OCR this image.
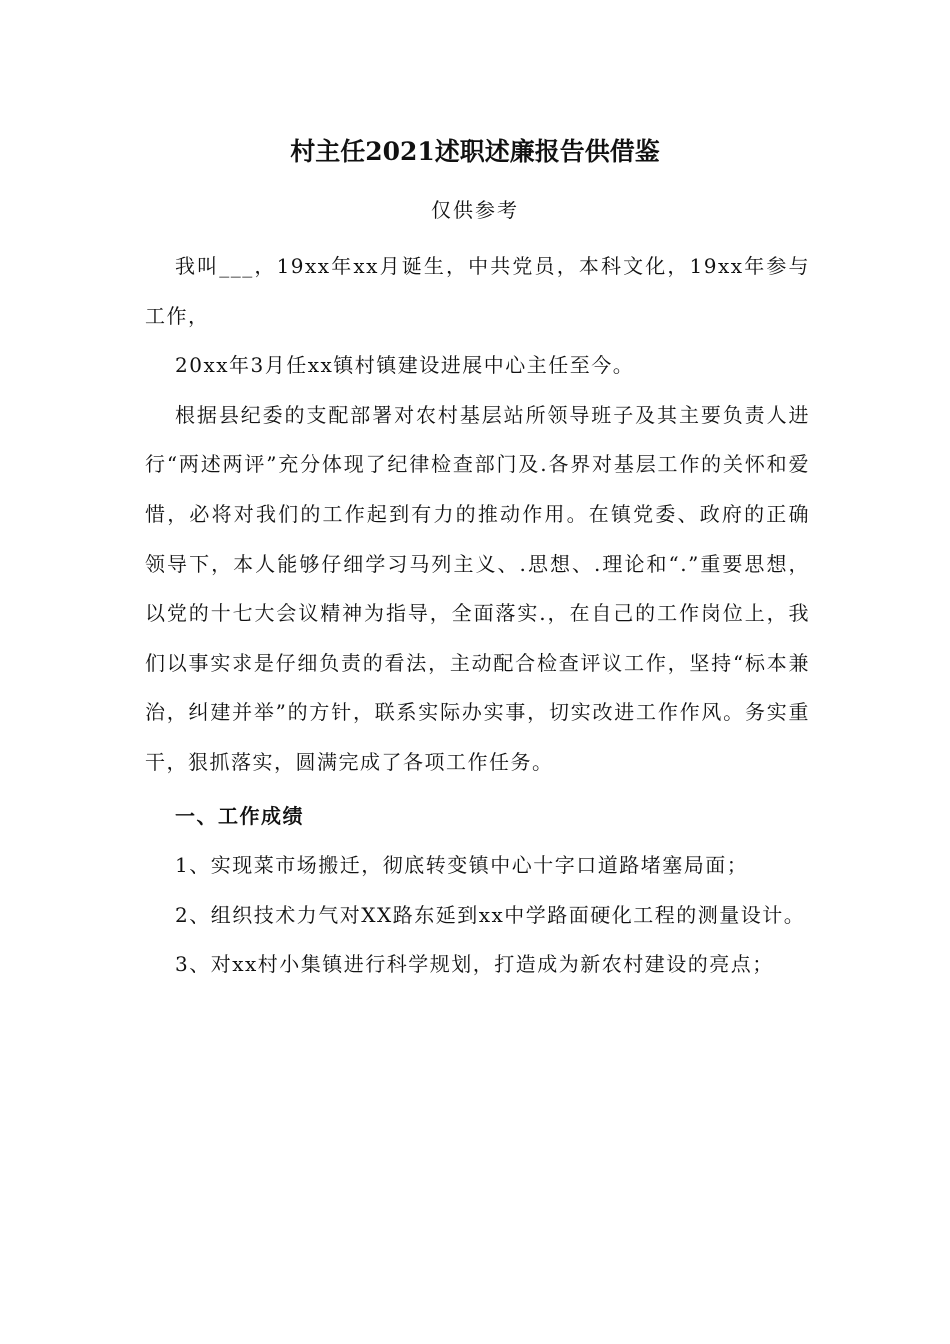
村主任2021述职述廉报告供借鉴
仅供参考

我叫___，19xx年xx月诞生，中共党员，本科文化，19xx年参与工作，

20xx年3月任xx镇村镇建设进展中心主任至今。

根据县纪委的支配部署对农村基层站所领导班子及其主要负责人进行“两述两评”充分体现了纪律检查部门及.各界对基层工作的关怀和爱惜，必将对我们的工作起到有力的推动作用。在镇党委、政府的正确领导下，本人能够仔细学习马列主义、.思想、.理论和“.”重要思想，以党的十七大会议精神为指导，全面落实.，在自己的工作岗位上，我们以事实求是仔细负责的看法，主动配合检查评议工作，坚持“标本兼治，纠建并举”的方针，联系实际办实事，切实改进工作作风。务实重干，狠抓落实，圆满完成了各项工作任务。

一、工作成绩

1、实现菜市场搬迁，彻底转变镇中心十字口道路堵塞局面；

2、组织技术力气对XX路东延到xx中学路面硬化工程的测量设计。

3、对xx村小集镇进行科学规划，打造成为新农村建设的亮点；
